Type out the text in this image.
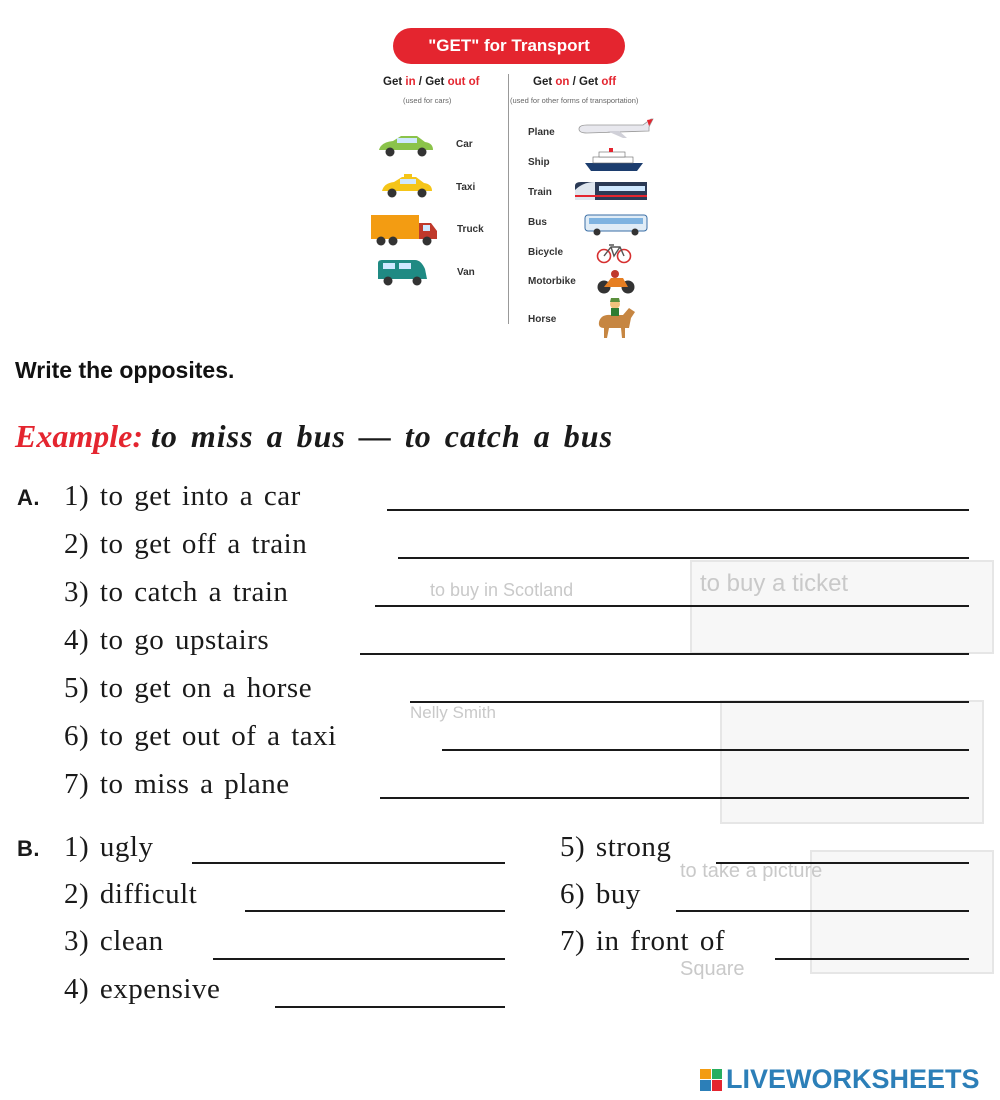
to buy in Scotland	to buy a ticket
Nelly Smith
to take a picture
Square
"GET" for Transport
Get in / Get out of
(used for cars)
Get on / Get off
(used for other forms of transportation)
Car
Taxi
Truck
Van
Plane
Ship
Train
Bus
Bicycle
Motorbike
Horse
Write the opposites.
Example: to miss a bus — to catch a bus
A. 1) to get into a car
2) to get off a train
3) to catch a train
4) to go upstairs
5) to get on a horse
6) to get out of a taxi
7) to miss a plane
B. 1) ugly
2) difficult
3) clean
4) expensive
5) strong
6) buy
7) in front of
LIVEWORKSHEETS
